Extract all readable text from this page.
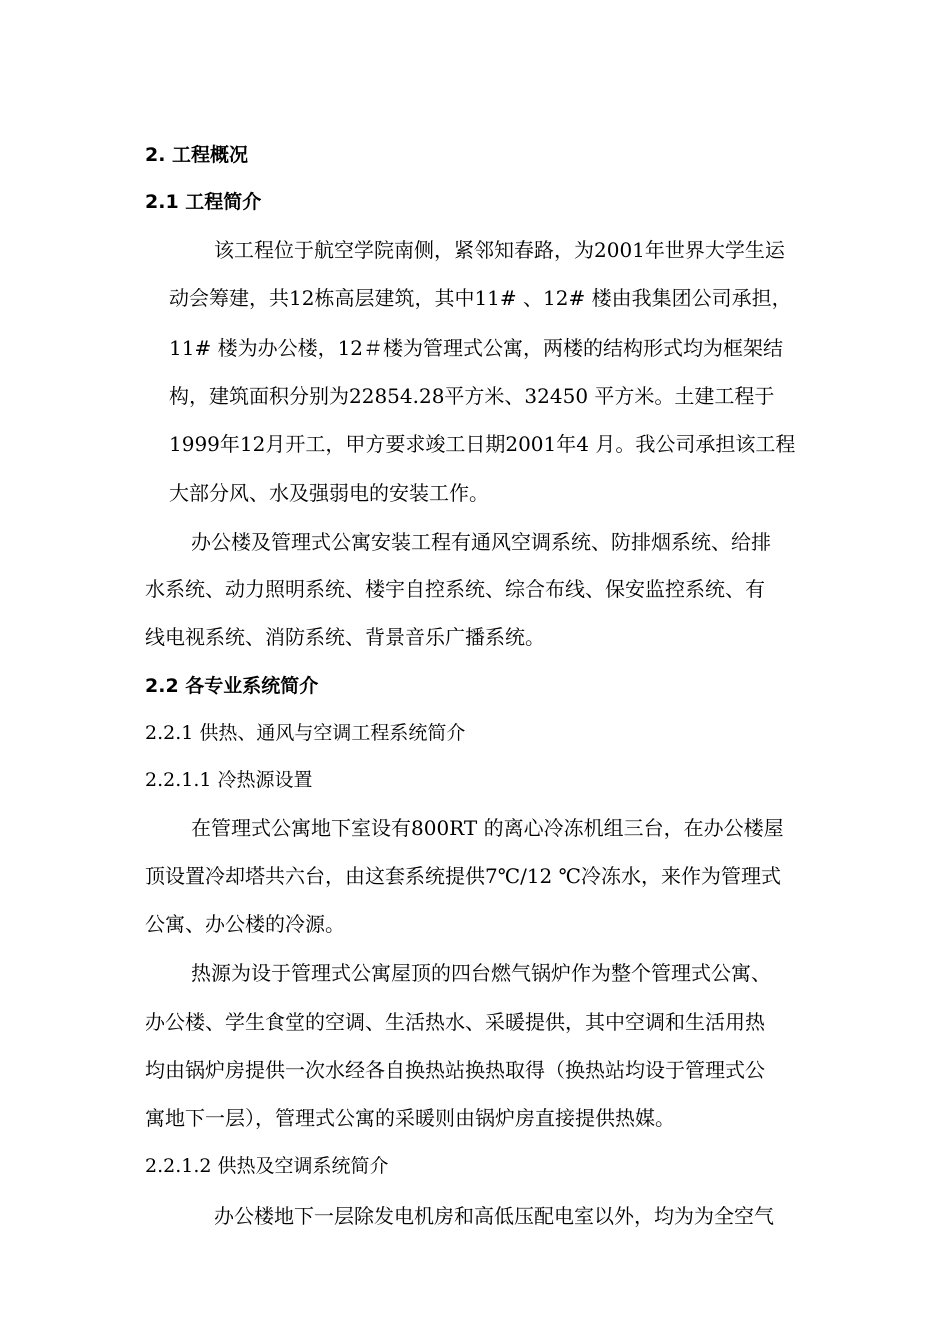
2. 工程概况
2.1 工程简介
该工程位于航空学院南侧，紧邻知春路，为2001年世界大学生运
动会筹建，共12栋高层建筑，其中11# 、12# 楼由我集团公司承担，
11# 楼为办公楼，12＃楼为管理式公寓，两楼的结构形式均为框架结
构，建筑面积分别为22854.28平方米、32450 平方米。土建工程于
1999年12月开工，甲方要求竣工日期2001年4 月。我公司承担该工程
大部分风、水及强弱电的安装工作。
办公楼及管理式公寓安装工程有通风空调系统、防排烟系统、给排
水系统、动力照明系统、楼宇自控系统、综合布线、保安监控系统、有
线电视系统、消防系统、背景音乐广播系统。
2.2 各专业系统简介
2.2.1 供热、通风与空调工程系统简介
2.2.1.1 冷热源设置
在管理式公寓地下室设有800RT 的离心冷冻机组三台，在办公楼屋
顶设置冷却塔共六台，由这套系统提供7℃/12 ℃冷冻水，来作为管理式
公寓、办公楼的冷源。
热源为设于管理式公寓屋顶的四台燃气锅炉作为整个管理式公寓、
办公楼、学生食堂的空调、生活热水、采暖提供，其中空调和生活用热
均由锅炉房提供一次水经各自换热站换热取得（换热站均设于管理式公
寓地下一层），管理式公寓的采暖则由锅炉房直接提供热媒。
2.2.1.2 供热及空调系统简介
办公楼地下一层除发电机房和高低压配电室以外，均为为全空气
